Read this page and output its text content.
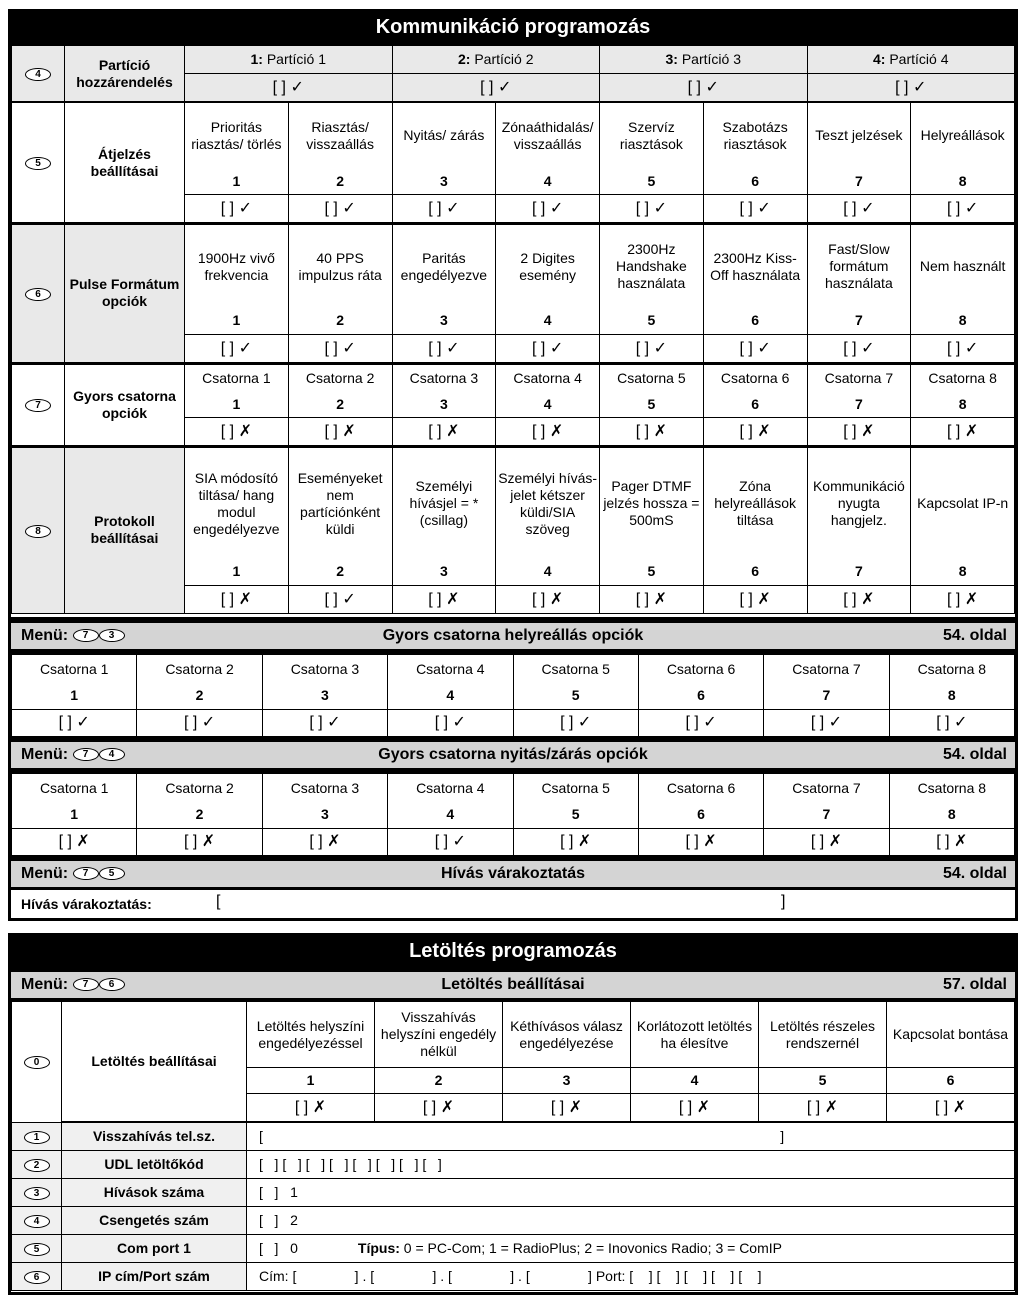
Kommunikáció programozás
4	Partíció hozzárendelés	1: Partíció 1	2: Partíció 2	3: Partíció 3	4: Partíció 4
		[ ] ✓	[ ] ✓	[ ] ✓	[ ] ✓
5	Átjelzés beállításai	Prioritás riasztás/ törlés	Riasztás/ visszaállás	Nyitás/ zárás	Zónaáthidalás/ visszaállás	Szervíz riasztások	Szabotázs riasztások	Teszt jelzések	Helyreállások
		1	2	3	4	5	6	7	8
		[ ] ✓	[ ] ✓	[ ] ✓	[ ] ✓	[ ] ✓	[ ] ✓	[ ] ✓	[ ] ✓
6	Pulse Formátum opciók	1900Hz vivő frekvencia	40 PPS impulzus ráta	Paritás engedélyezve	2 Digites esemény	2300Hz Handshake használata	2300Hz Kiss-Off használata	Fast/Slow formátum használata	Nem használt
		1	2	3	4	5	6	7	8
		[ ] ✓	[ ] ✓	[ ] ✓	[ ] ✓	[ ] ✓	[ ] ✓	[ ] ✓	[ ] ✓
7	Gyors csatorna opciók	Csatorna 1	Csatorna 2	Csatorna 3	Csatorna 4	Csatorna 5	Csatorna 6	Csatorna 7	Csatorna 8
		1	2	3	4	5	6	7	8
		[ ] ✗	[ ] ✗	[ ] ✗	[ ] ✗	[ ] ✗	[ ] ✗	[ ] ✗	[ ] ✗
8	Protokoll beállításai	SIA módosító tiltása/ hang modul engedélyezve	Eseményeket nem partíciónként küldi	Személyi hívásjel = * (csillag)	Személyi hívás-jelet kétszer küldi/SIA szöveg	Pager DTMF jelzés hossza = 500mS	Zóna helyreállások tiltása	Kommunikáció nyugta hangjelz.	Kapcsolat IP-n
		1	2	3	4	5	6	7	8
		[ ] ✗	[ ] ✓	[ ] ✗	[ ] ✗	[ ] ✗	[ ] ✗	[ ] ✗	[ ] ✗
Gyors csatorna helyreállás opciók
Menü: 7 3	54. oldal
Csatorna 1	Csatorna 2	Csatorna 3	Csatorna 4	Csatorna 5	Csatorna 6	Csatorna 7	Csatorna 8
1	2	3	4	5	6	7	8
[ ] ✓	[ ] ✓	[ ] ✓	[ ] ✓	[ ] ✓	[ ] ✓	[ ] ✓	[ ] ✓
Gyors csatorna nyitás/zárás opciók
Menü: 7 4	54. oldal
Csatorna 1	Csatorna 2	Csatorna 3	Csatorna 4	Csatorna 5	Csatorna 6	Csatorna 7	Csatorna 8
1	2	3	4	5	6	7	8
[ ] ✗	[ ] ✗	[ ] ✗	[ ] ✓	[ ] ✗	[ ] ✗	[ ] ✗	[ ] ✗
Hívás várakoztatás
Menü: 7 5	54. oldal
Hívás várakoztatás:	[	]
Letöltés programozás
Letöltés beállításai
Menü: 7 6	57. oldal
0	Letöltés beállításai	Letöltés helyszíni engedélyezéssel	Visszahívás helyszíni engedély nélkül	Kéthívásos válasz engedélyezése	Korlátozott letöltés ha élesítve	Letöltés részeles rendszernél	Kapcsolat bontása
		1	2	3	4	5	6
		[ ] ✗	[ ] ✗	[ ] ✗	[ ] ✗	[ ] ✗	[ ] ✗
1	Visszahívás tel.sz.	[                                                                                                                                     ]
2	UDL letöltőkód	[   ] [   ] [   ] [   ] [   ] [   ] [   ] [   ]
3	Hívások száma	[   ]   1
4	Csengetés szám	[   ]   2
5	Com port 1	[   ]   0 Típus: 0 = PC-Com; 1 = RadioPlus; 2 = Inovonics Radio; 3 = ComIP
6	IP cím/Port szám	Cím: [               ] . [               ] . [               ] . [               ] Port: [    ] [    ] [    ] [    ] [    ]
